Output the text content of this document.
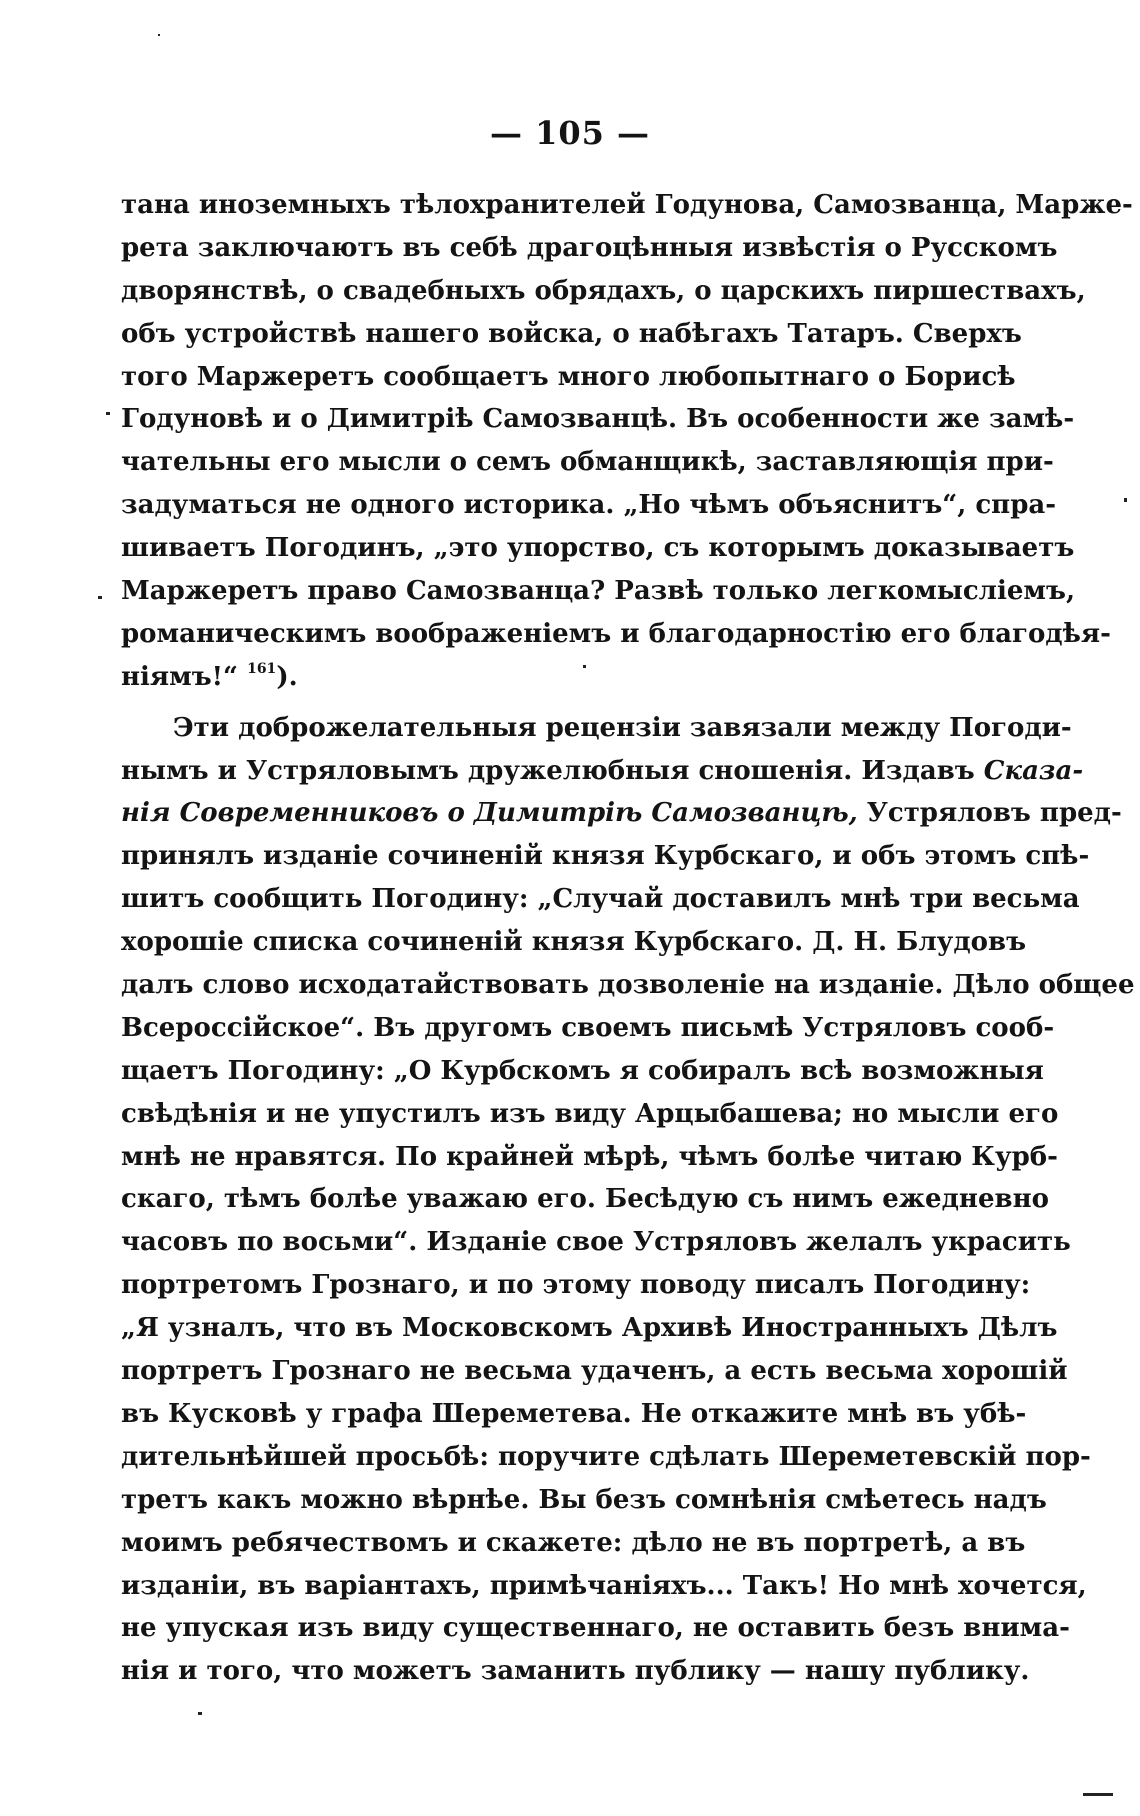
— 105 —
тана иноземныхъ тѣлохранителей Годунова, Самозванца, Марже-
рета заключаютъ въ себѣ драгоцѣнныя извѣстія о Русскомъ
дворянствѣ, о свадебныхъ обрядахъ, о царскихъ пиршествахъ,
объ устройствѣ нашего войска, о набѣгахъ Татаръ. Сверхъ
того Маржеретъ сообщаетъ много любопытнаго о Борисѣ
Годуновѣ и о Димитріѣ Самозванцѣ. Въ особенности же замѣ-
чательны его мысли о семъ обманщикѣ, заставляющія при-
задуматься не одного историка. „Но чѣмъ объяснитъ“, спра-
шиваетъ Погодинъ, „это упорство, съ которымъ доказываетъ
Маржеретъ право Самозванца? Развѣ только легкомысліемъ,
романическимъ воображеніемъ и благодарностію его благодѣя-
ніямъ!“ $^{161}$).
Эти доброжелательныя рецензіи завязали между Погоди-
нымъ и Устряловымъ дружелюбныя сношенія. Издавъ Сказа-
нія Современниковъ о Димитріѣ Самозванцѣ, Устряловъ пред-
принялъ изданіе сочиненій князя Курбскаго, и объ этомъ спѣ-
шитъ сообщить Погодину: „Случай доставилъ мнѣ три весьма
хорошіе списка сочиненій князя Курбскаго. Д. Н. Блудовъ
далъ слово исходатайствовать дозволеніе на изданіе. Дѣло общее
Всероссійское“. Въ другомъ своемъ письмѣ Устряловъ сооб-
щаетъ Погодину: „О Курбскомъ я собиралъ всѣ возможныя
свѣдѣнія и не упустилъ изъ виду Арцыбашева; но мысли его
мнѣ не нравятся. По крайней мѣрѣ, чѣмъ болѣе читаю Курб-
скаго, тѣмъ болѣе уважаю его. Бесѣдую съ нимъ ежедневно
часовъ по восьми“. Изданіе свое Устряловъ желалъ украсить
портретомъ Грознаго, и по этому поводу писалъ Погодину:
„Я узналъ, что въ Московскомъ Архивѣ Иностранныхъ Дѣлъ
портретъ Грознаго не весьма удаченъ, а есть весьма хорошій
въ Кусковѣ у графа Шереметева. Не откажите мнѣ въ убѣ-
дительнѣйшей просьбѣ: поручите сдѣлать Шереметевскій пор-
третъ какъ можно вѣрнѣе. Вы безъ сомнѣнія смѣетесь надъ
моимъ ребячествомъ и скажете: дѣло не въ портретѣ, а въ
изданіи, въ варіантахъ, примѣчаніяхъ... Такъ! Но мнѣ хочется,
не упуская изъ виду существеннаго, не оставить безъ внима-
нія и того, что можетъ заманить публику — нашу публику.
